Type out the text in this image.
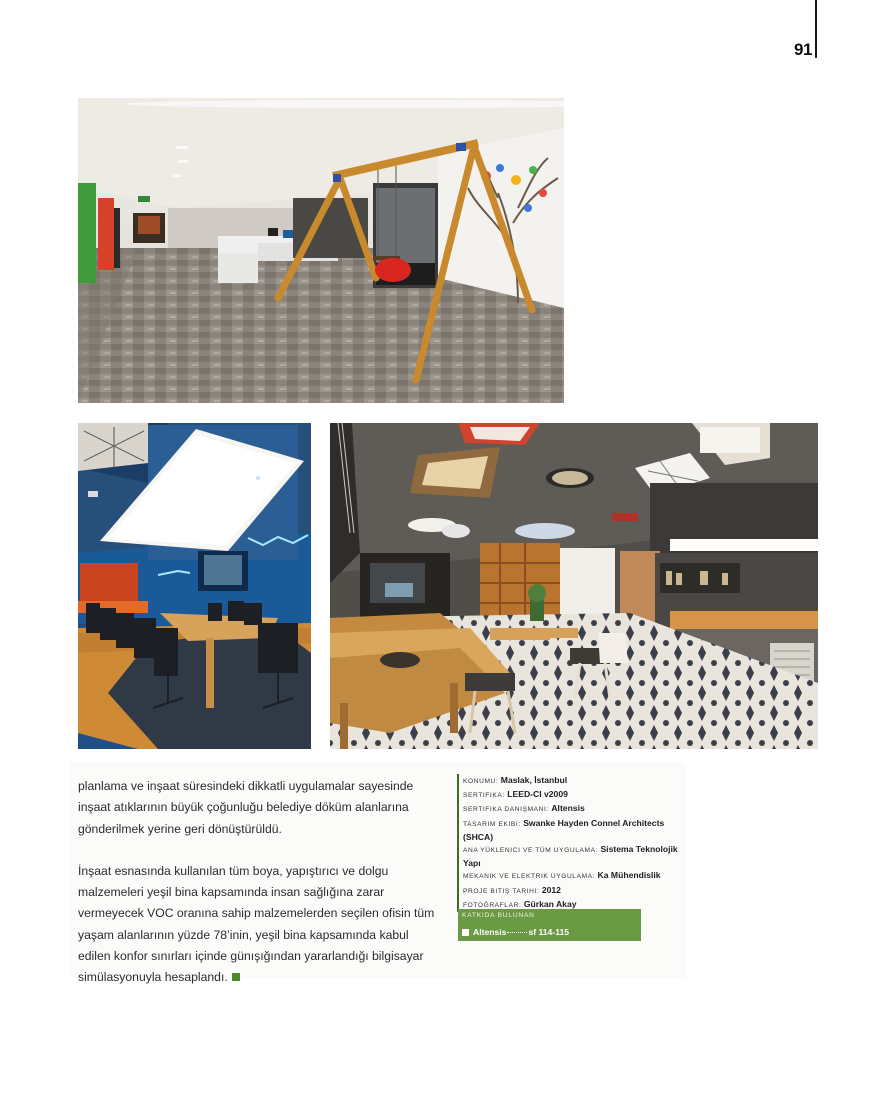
91

planlama ve inşaat süresindeki dikkatli uygulamalar sayesinde inşaat atıklarının büyük çoğunluğu belediye döküm alanlarına gönderilmek yerine geri dönüştürüldü.

İnşaat esnasında kullanılan tüm boya, yapıştırıcı ve dolgu malzemeleri yeşil bina kapsamında insan sağlığına zarar vermeyecek VOC oranına sahip malzemelerden seçilen ofisin tüm yaşam alanlarının yüzde 78’inin, yeşil bina kapsamında kabul edilen konfor sınırları içinde günışığından yararlandığı bilgisayar simülasyonuyla hesaplandı.

KONUMU: Maslak, İstanbul
SERTIFIKA: LEED-CI v2009
SERTIFIKA DANIŞMANI: Altensis
TASARIM EKIBI: Swanke Hayden Connel Architects (SHCA)
ANA YÜKLENICI VE TÜM UYGULAMA: Sistema Teknolojik Yapı
MEKANIK VE ELEKTRIK UYGULAMA: Ka Mühendislik
PROJE BITIŞ TARIHI: 2012
FOTOĞRAFLAR: Gürkan Akay
KATKIDA BULUNAN
Altensis	sf 114-115
